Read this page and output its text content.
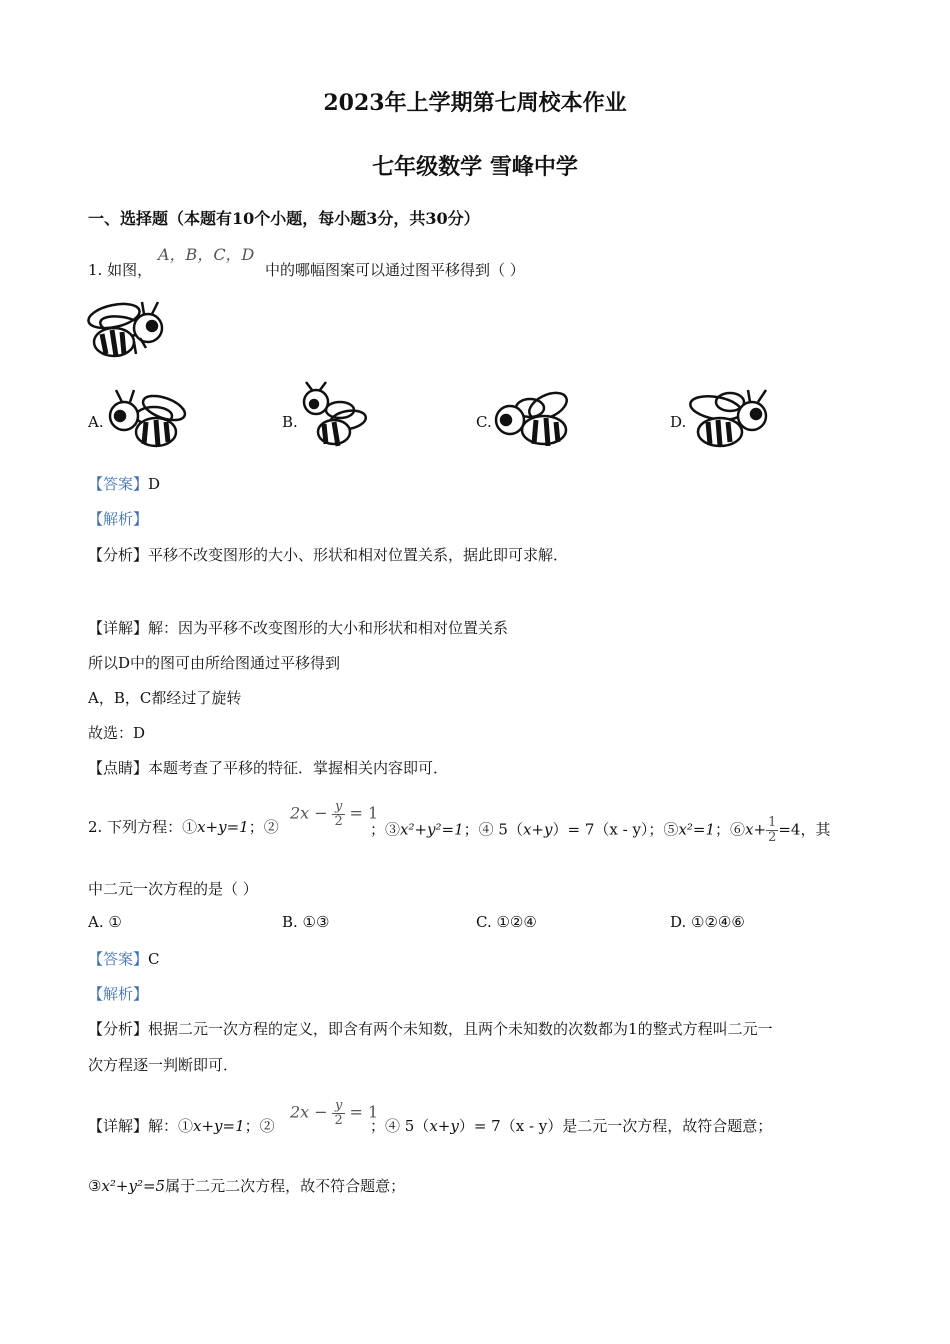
2023年上学期第七周校本作业
七年级数学 雪峰中学
一、选择题（本题有10个小题，每小题3分，共30分）
1. 如图，
A，B，C，D
中的哪幅图案可以通过图平移得到（ ）
A.	B.	C.	D.
【答案】D
【解析】
【分析】平移不改变图形的大小、形状和相对位置关系，据此即可求解．
【详解】解：因为平移不改变图形的大小和形状和相对位置关系
所以D中的图可由所给图通过平移得到
A，B，C都经过了旋转
故选：D
【点睛】本题考查了平移的特征．掌握相关内容即可．
2. 下列方程：①x+y=1；②
$2x - \frac{y}{2} = 1$
；③x²+y²=1；④ 5（x+y）= 7（x - y）；⑤x²=1；⑥x+ $\frac{1}{2} =4$，其
中二元一次方程的是（ ）
A. ①	B. ①③	C. ①②④	D. ①②④⑥
【答案】C
【解析】
【分析】根据二元一次方程的定义，即含有两个未知数，且两个未知数的次数都为1的整式方程叫二元一
次方程逐一判断即可．
【详解】解：①x+y=1；②
$2x - \frac{y}{2} = 1$
；④ 5（x+y）= 7（x - y）是二元一次方程，故符合题意；
③x²+y²=5属于二元二次方程，故不符合题意；
